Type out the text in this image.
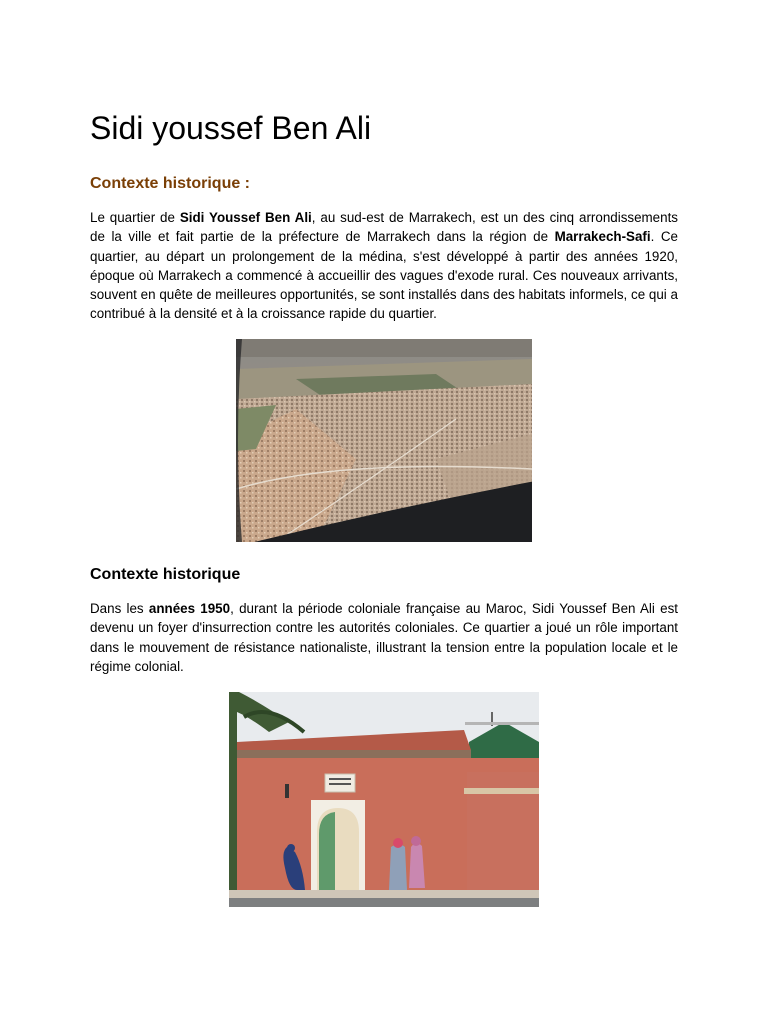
Sidi youssef Ben Ali
Contexte historique :

Le quartier de Sidi Youssef Ben Ali, au sud-est de Marrakech, est un des cinq arrondissements de la ville et fait partie de la préfecture de Marrakech dans la région de Marrakech-Safi. Ce quartier, au départ un prolongement de la médina, s'est développé à partir des années 1920, époque où Marrakech a commencé à accueillir des vagues d'exode rural. Ces nouveaux arrivants, souvent en quête de meilleures opportunités, se sont installés dans des habitats informels, ce qui a contribué à la densité et à la croissance rapide du quartier.

Contexte historique

Dans les années 1950, durant la période coloniale française au Maroc, Sidi Youssef Ben Ali est devenu un foyer d'insurrection contre les autorités coloniales. Ce quartier a joué un rôle important dans le mouvement de résistance nationaliste, illustrant la tension entre la population locale et le régime colonial.
